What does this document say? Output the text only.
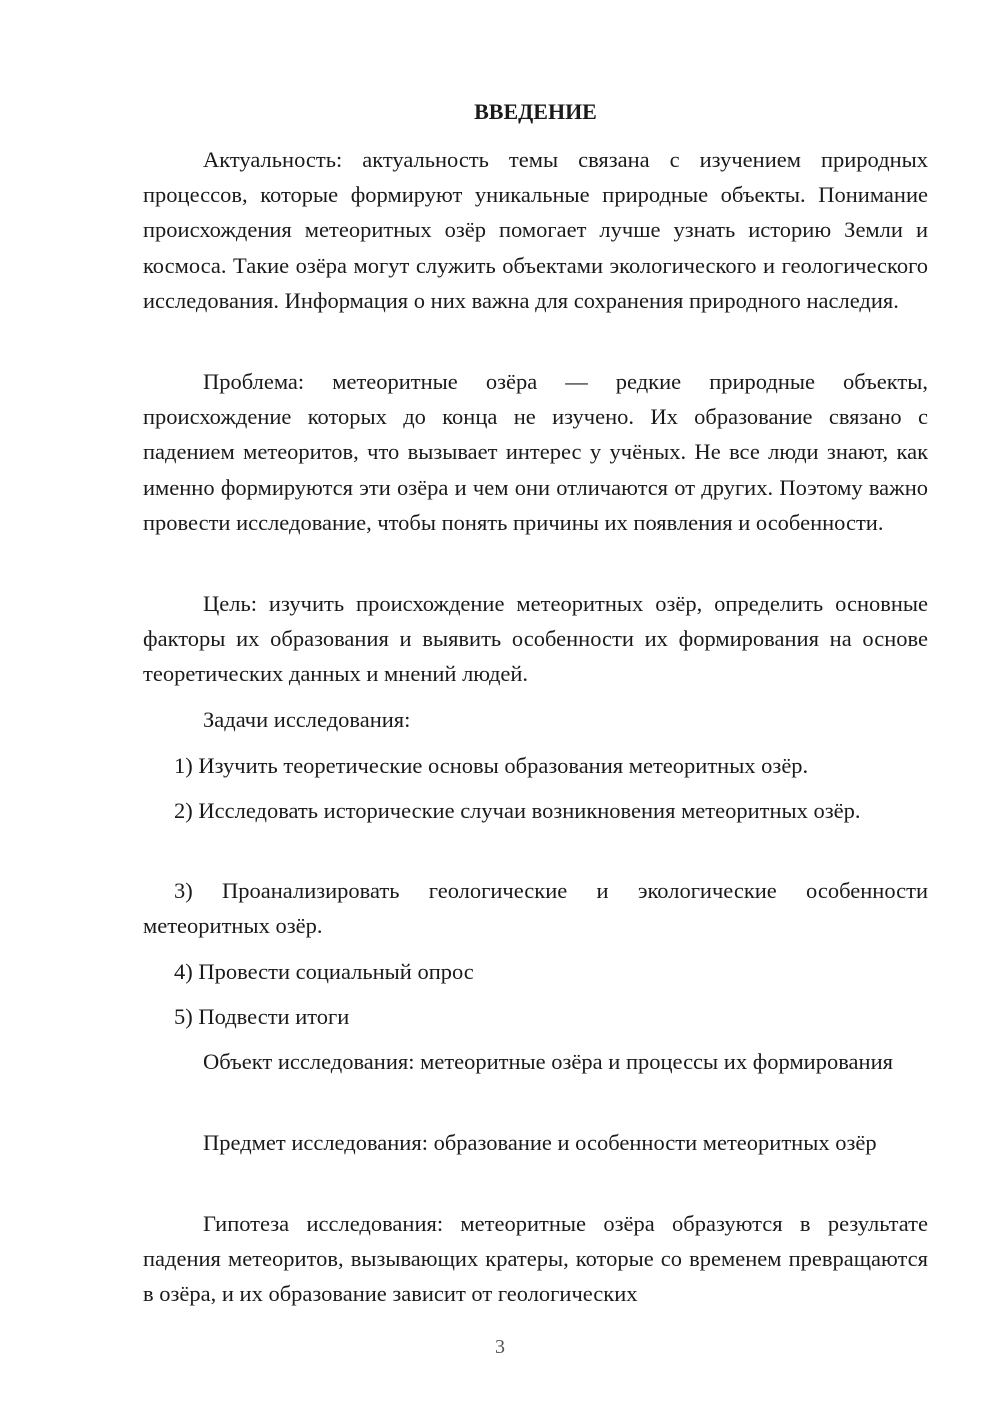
ВВЕДЕНИЕ

Актуальность: актуальность темы связана с изучением природных процессов, которые формируют уникальные природные объекты. Понимание происхождения метеоритных озёр помогает лучше узнать историю Земли и космоса. Такие озёра могут служить объектами экологического и геологического исследования. Информация о них важна для сохранения природного наследия.

Проблема: метеоритные озёра — редкие природные объекты, происхождение которых до конца не изучено. Их образование связано с падением метеоритов, что вызывает интерес у учёных. Не все люди знают, как именно формируются эти озёра и чем они отличаются от других. Поэтому важно провести исследование, чтобы понять причины их появления и особенности.

Цель: изучить происхождение метеоритных озёр, определить основные факторы их образования и выявить особенности их формирования на основе теоретических данных и мнений людей.

Задачи исследования:

1) Изучить теоретические основы образования метеоритных озёр.

2) Исследовать исторические случаи возникновения метеоритных озёр.

3) Проанализировать геологические и экологические особенности метеоритных озёр.

4) Провести социальный опрос

5) Подвести итоги

Объект исследования: метеоритные озёра и процессы их формирования

Предмет исследования: образование и особенности метеоритных озёр

Гипотеза исследования: метеоритные озёра образуются в результате падения метеоритов, вызывающих кратеры, которые со временем превращаются в озёра, и их образование зависит от геологических

3
